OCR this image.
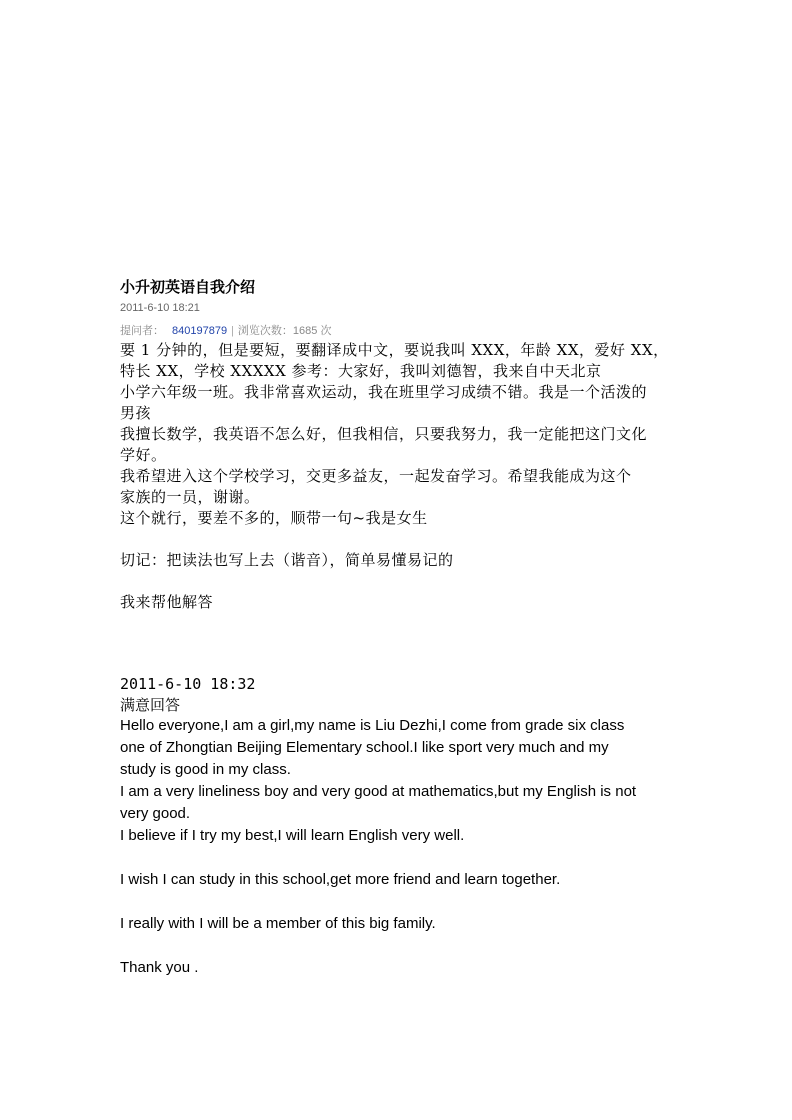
小升初英语自我介绍
2011-6-10 18:21
提问者： 840197879 | 浏览次数：1685 次
要 1 分钟的，但是要短，要翻译成中文，要说我叫 XXX，年龄 XX，爱好 XX，
特长 XX，学校 XXXXX 参考：大家好，我叫刘德智，我来自中天北京
小学六年级一班。我非常喜欢运动，我在班里学习成绩不错。我是一个活泼的
男孩
我擅长数学，我英语不怎么好，但我相信，只要我努力，我一定能把这门文化
学好。
我希望进入这个学校学习，交更多益友，一起发奋学习。希望我能成为这个
家族的一员，谢谢。
这个就行，要差不多的，顺带一句~我是女生
切记：把读法也写上去（谐音），简单易懂易记的
我来帮他解答
2011-6-10 18:32
满意回答
Hello everyone,I am a girl,my name is Liu Dezhi,I come from grade six class
one of Zhongtian Beijing Elementary school.I like sport very much and my
study is good in my class.
I am a very lineliness boy and very good at mathematics,but my English is not
very good.
I believe if I try my best,I will learn English very well.
I wish I can study in this school,get more friend and learn together.
I really with I will be a member of this big family.
Thank you .
